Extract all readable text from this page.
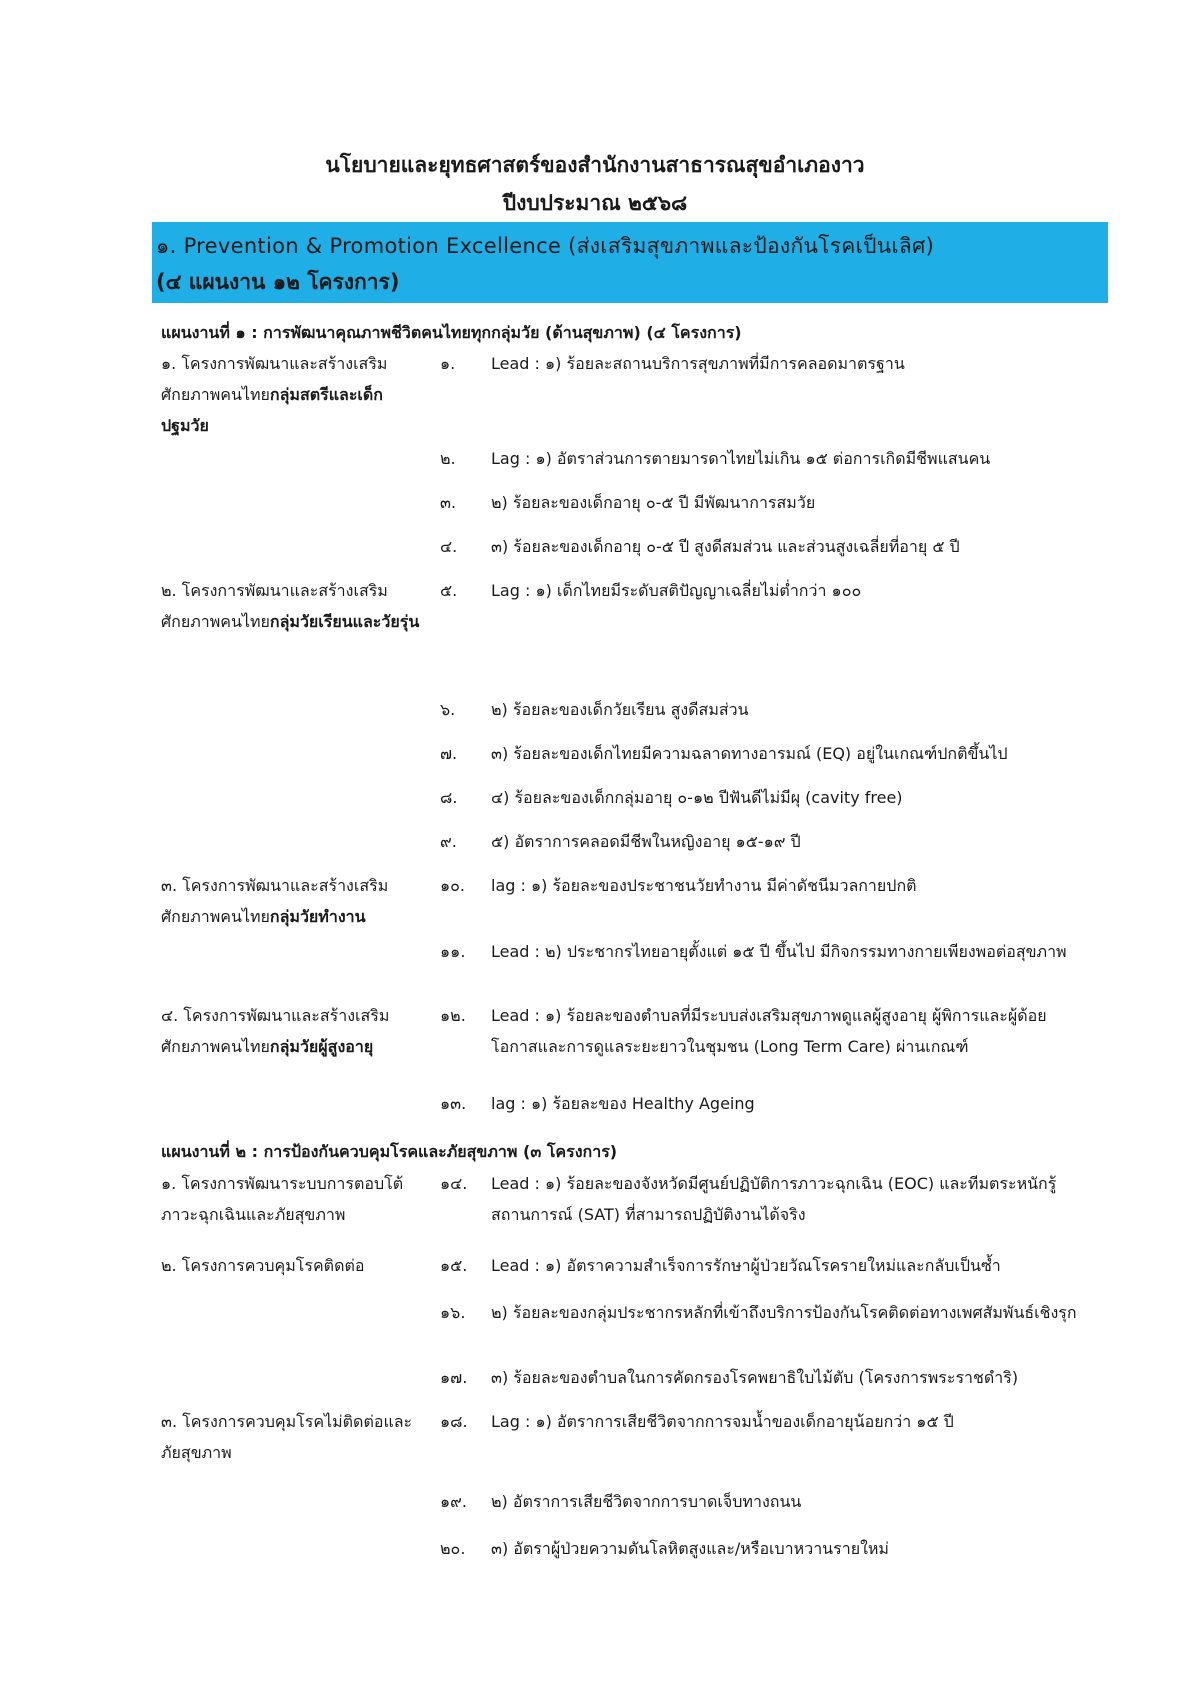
นโยบายและยุทธศาสตร์ของสำนักงานสาธารณสุขอำเภองาว
ปีงบประมาณ ๒๕๖๘
๑. Prevention & Promotion Excellence (ส่งเสริมสุขภาพและป้องกันโรคเป็นเลิศ)
(๔ แผนงาน ๑๒ โครงการ)
แผนงานที่ ๑ : การพัฒนาคุณภาพชีวิตคนไทยทุกกลุ่มวัย (ด้านสุขภาพ) (๔ โครงการ)
๑. โครงการพัฒนาและสร้างเสริมศักยภาพคนไทยกลุ่มสตรีและเด็กปฐมวัย
๑.	Lead : ๑) ร้อยละสถานบริการสุขภาพที่มีการคลอดมาตรฐาน
๒.	Lag : ๑) อัตราส่วนการตายมารดาไทยไม่เกิน ๑๕ ต่อการเกิดมีชีพแสนคน
๓.	๒) ร้อยละของเด็กอายุ ๐-๕ ปี มีพัฒนาการสมวัย
๔.	๓) ร้อยละของเด็กอายุ ๐-๕ ปี สูงดีสมส่วน และส่วนสูงเฉลี่ยที่อายุ ๕ ปี
๒. โครงการพัฒนาและสร้างเสริมศักยภาพคนไทยกลุ่มวัยเรียนและวัยรุ่น
๕.	Lag : ๑) เด็กไทยมีระดับสติปัญญาเฉลี่ยไม่ต่ำกว่า ๑๐๐
๖.	๒) ร้อยละของเด็กวัยเรียน สูงดีสมส่วน
๗.	๓) ร้อยละของเด็กไทยมีความฉลาดทางอารมณ์ (EQ) อยู่ในเกณฑ์ปกติขึ้นไป
๘.	๔) ร้อยละของเด็กกลุ่มอายุ ๐-๑๒ ปีฟันดีไม่มีผุ (cavity free)
๙.	๕) อัตราการคลอดมีชีพในหญิงอายุ ๑๕-๑๙ ปี
๓. โครงการพัฒนาและสร้างเสริมศักยภาพคนไทยกลุ่มวัยทำงาน
๑๐.	lag : ๑) ร้อยละของประชาชนวัยทำงาน มีค่าดัชนีมวลกายปกติ
๑๑.	Lead : ๒) ประชากรไทยอายุตั้งแต่ ๑๕ ปี ขึ้นไป มีกิจกรรมทางกายเพียงพอต่อสุขภาพ
๔. โครงการพัฒนาและสร้างเสริมศักยภาพคนไทยกลุ่มวัยผู้สูงอายุ
๑๒.	Lead : ๑) ร้อยละของตำบลที่มีระบบส่งเสริมสุขภาพดูแลผู้สูงอายุ ผู้พิการและผู้ด้อยโอกาสและการดูแลระยะยาวในชุมชน (Long Term Care) ผ่านเกณฑ์
๑๓.	lag : ๑) ร้อยละของ Healthy Ageing
แผนงานที่ ๒ : การป้องกันควบคุมโรคและภัยสุขภาพ (๓ โครงการ)
๑. โครงการพัฒนาระบบการตอบโต้ภาวะฉุกเฉินและภัยสุขภาพ
๑๔.	Lead : ๑) ร้อยละของจังหวัดมีศูนย์ปฏิบัติการภาวะฉุกเฉิน (EOC) และทีมตระหนักรู้สถานการณ์ (SAT) ที่สามารถปฏิบัติงานได้จริง
๒. โครงการควบคุมโรคติดต่อ	๑๕.	Lead : ๑) อัตราความสำเร็จการรักษาผู้ป่วยวัณโรครายใหม่และกลับเป็นซ้ำ
๑๖.	๒) ร้อยละของกลุ่มประชากรหลักที่เข้าถึงบริการป้องกันโรคติดต่อทางเพศสัมพันธ์เชิงรุก
๑๗.	๓) ร้อยละของตำบลในการคัดกรองโรคพยาธิใบไม้ตับ (โครงการพระราชดำริ)
๓. โครงการควบคุมโรคไม่ติดต่อและภัยสุขภาพ
๑๘.	Lag : ๑) อัตราการเสียชีวิตจากการจมน้ำของเด็กอายุน้อยกว่า ๑๕ ปี
๑๙.	๒) อัตราการเสียชีวิตจากการบาดเจ็บทางถนน
๒๐.	๓) อัตราผู้ป่วยความดันโลหิตสูงและ/หรือเบาหวานรายใหม่
